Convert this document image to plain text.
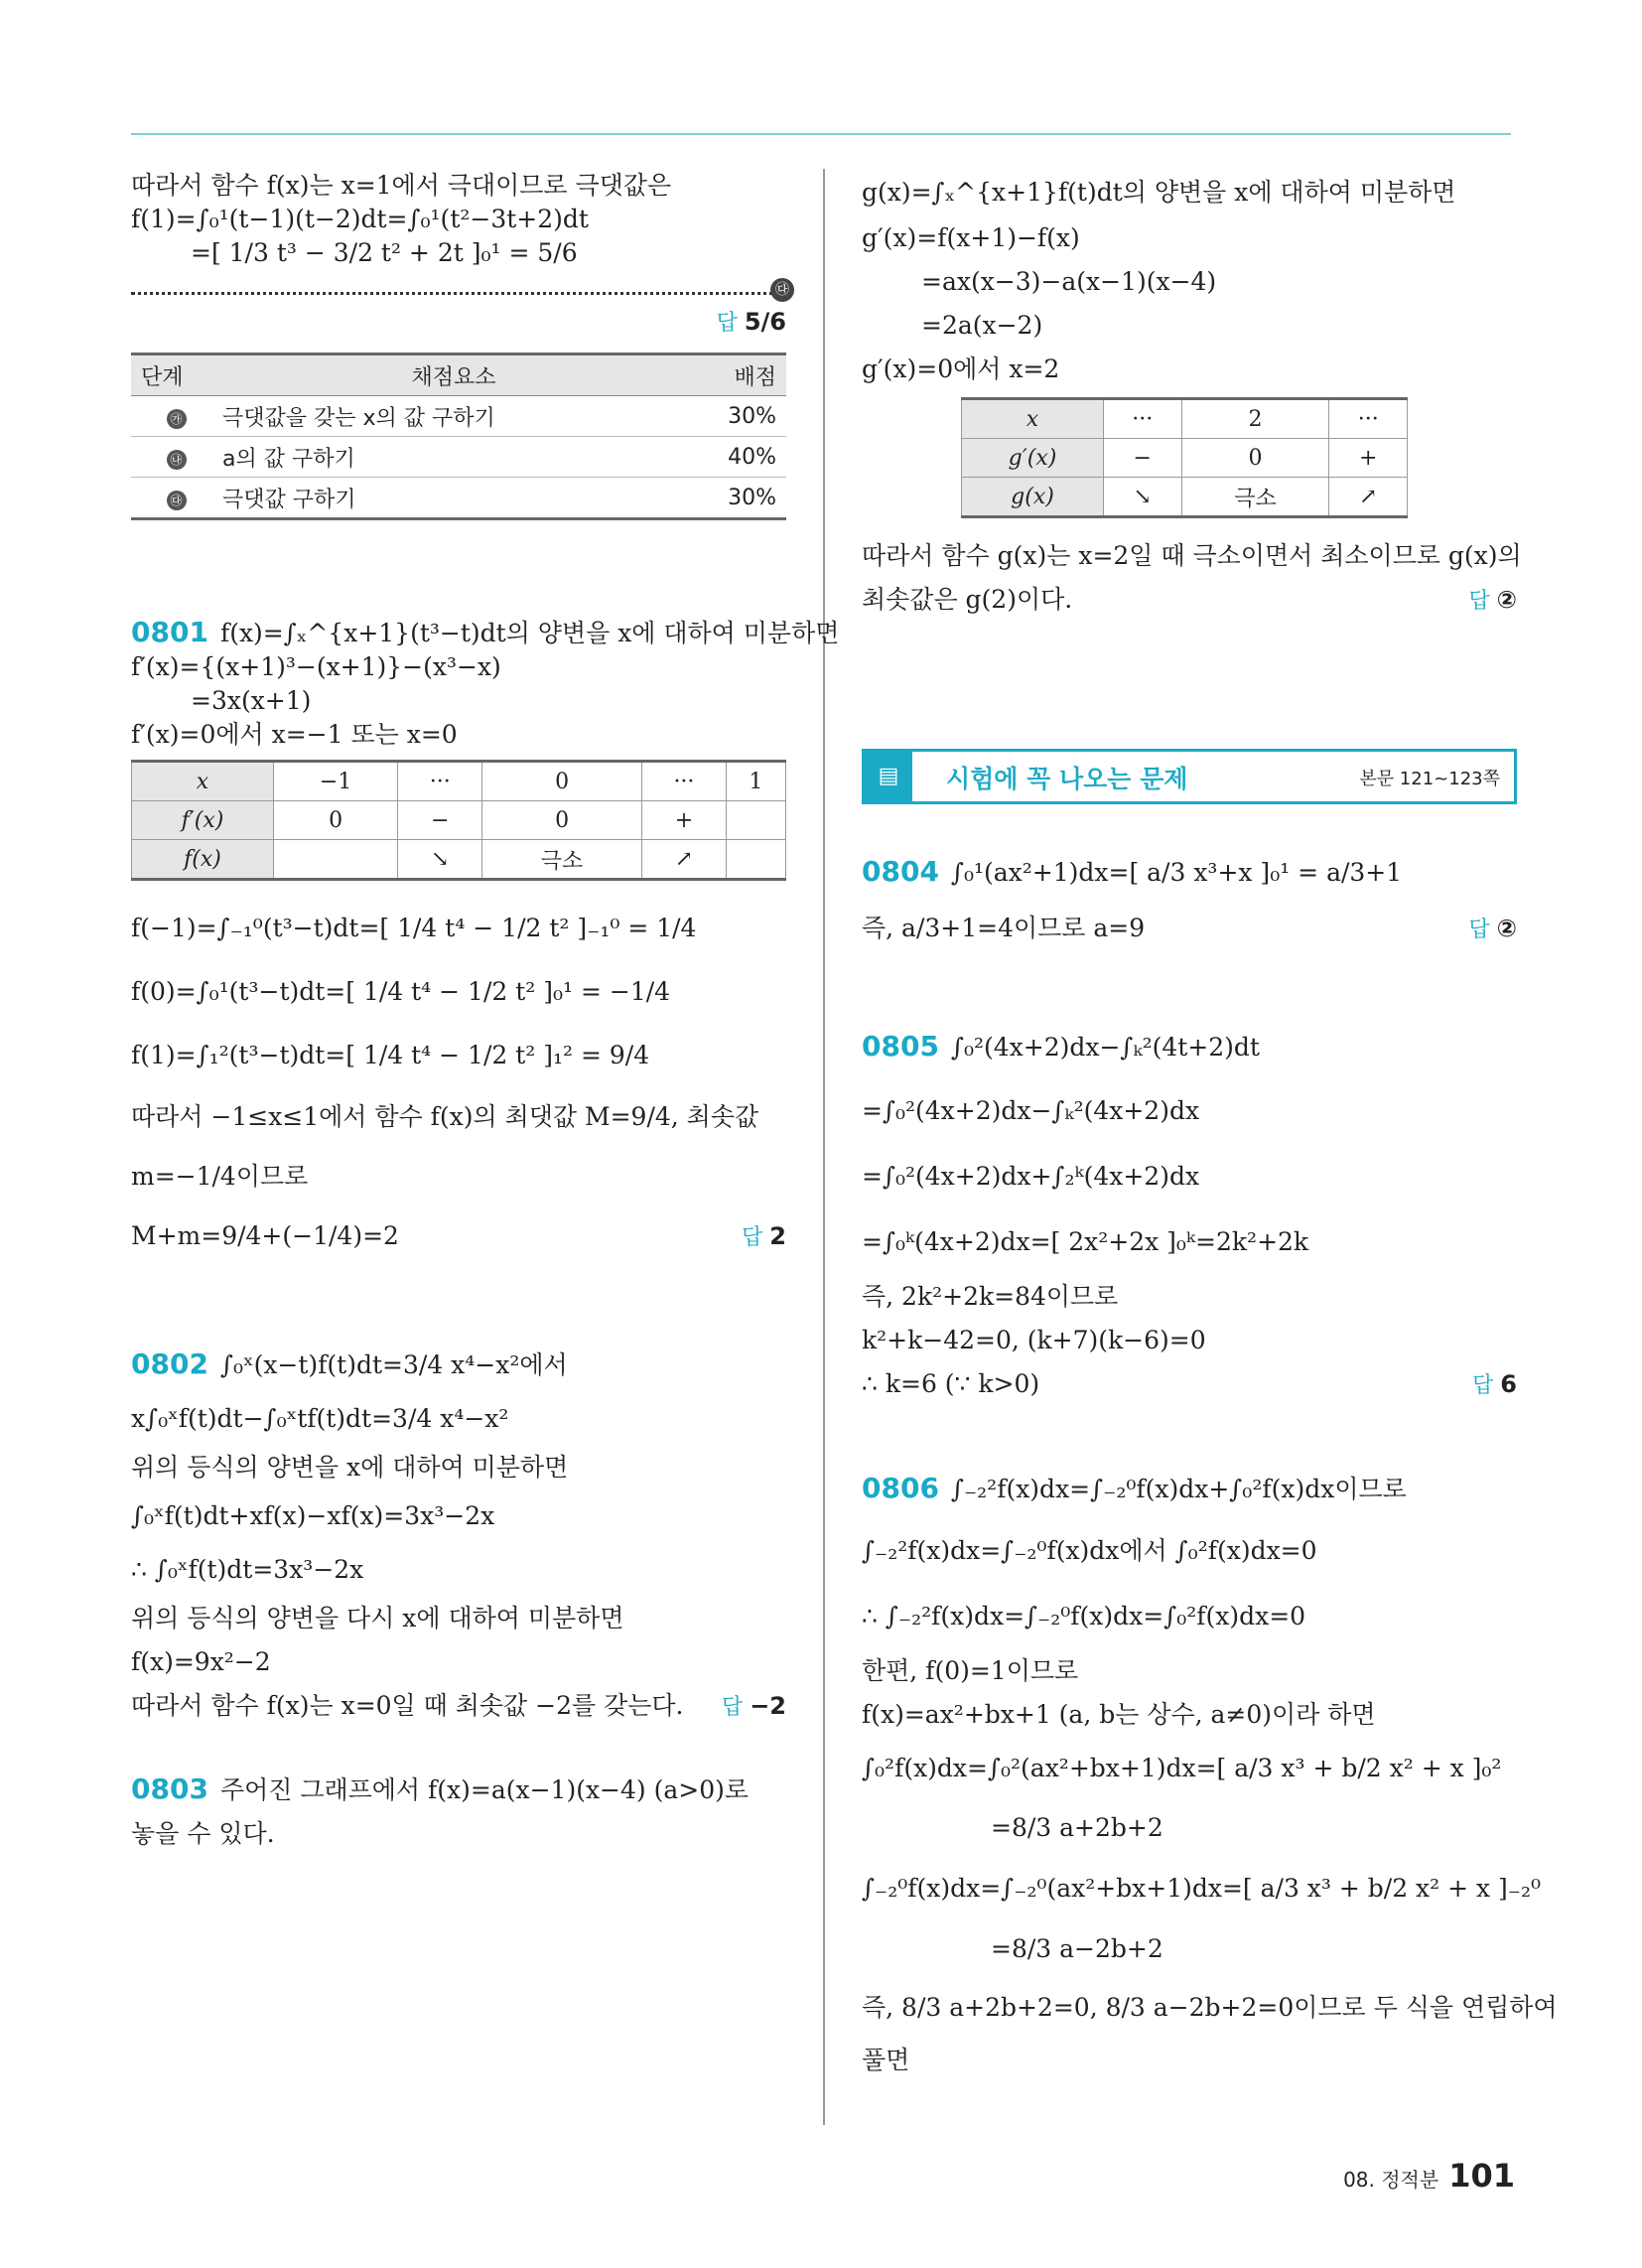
따라서 함수 f(x)는 x=1에서 극대이므로 극댓값은

f(1)=∫₀¹(t−1)(t−2)dt=∫₀¹(t²−3t+2)dt

=[ 1/3 t³ − 3/2 t² + 2t ]₀¹ = 5/6

㉰

답 5/6

단계	채점요소	배점
㉮	극댓값을 갖는 x의 값 구하기	30%
㉯	a의 값 구하기	40%
㉰	극댓값 구하기	30%

0801 f(x)=∫ₓ^{x+1}(t³−t)dt의 양변을 x에 대하여 미분하면

f′(x)={(x+1)³−(x+1)}−(x³−x)

=3x(x+1)

f′(x)=0에서 x=−1 또는 x=0

x	−1	···	0	···	1
f′(x)	0	−	0	+	
f(x)		↘	극소	↗	

f(−1)=∫₋₁⁰(t³−t)dt=[ 1/4 t⁴ − 1/2 t² ]₋₁⁰ = 1/4

f(0)=∫₀¹(t³−t)dt=[ 1/4 t⁴ − 1/2 t² ]₀¹ = −1/4

f(1)=∫₁²(t³−t)dt=[ 1/4 t⁴ − 1/2 t² ]₁² = 9/4

따라서 −1≤x≤1에서 함수 f(x)의 최댓값 M=9/4, 최솟값

m=−1/4이므로

M+m=9/4+(−1/4)=2	답 2

0802 ∫₀ˣ(x−t)f(t)dt=3/4 x⁴−x²에서

x∫₀ˣf(t)dt−∫₀ˣtf(t)dt=3/4 x⁴−x²

위의 등식의 양변을 x에 대하여 미분하면

∫₀ˣf(t)dt+xf(x)−xf(x)=3x³−2x

∴ ∫₀ˣf(t)dt=3x³−2x

위의 등식의 양변을 다시 x에 대하여 미분하면

f(x)=9x²−2

따라서 함수 f(x)는 x=0일 때 최솟값 −2를 갖는다. 답 −2

0803 주어진 그래프에서 f(x)=a(x−1)(x−4) (a>0)로

놓을 수 있다.

g(x)=∫ₓ^{x+1}f(t)dt의 양변을 x에 대하여 미분하면

g′(x)=f(x+1)−f(x)

=ax(x−3)−a(x−1)(x−4)

=2a(x−2)

g′(x)=0에서 x=2

x	···	2	···
g′(x)	−	0	+
g(x)	↘	극소	↗

따라서 함수 g(x)는 x=2일 때 극소이면서 최소이므로 g(x)의

최솟값은 g(2)이다.	답 ②

▤	시험에 꼭 나오는 문제	본문 121~123쪽

0804 ∫₀¹(ax²+1)dx=[ a/3 x³+x ]₀¹ = a/3+1

즉, a/3+1=4이므로 a=9	답 ②

0805 ∫₀²(4x+2)dx−∫ₖ²(4t+2)dt

=∫₀²(4x+2)dx−∫ₖ²(4x+2)dx

=∫₀²(4x+2)dx+∫₂ᵏ(4x+2)dx

=∫₀ᵏ(4x+2)dx=[ 2x²+2x ]₀ᵏ=2k²+2k

즉, 2k²+2k=84이므로

k²+k−42=0, (k+7)(k−6)=0

∴ k=6 (∵ k>0)	답 6

0806 ∫₋₂²f(x)dx=∫₋₂⁰f(x)dx+∫₀²f(x)dx이므로

∫₋₂²f(x)dx=∫₋₂⁰f(x)dx에서 ∫₀²f(x)dx=0

∴ ∫₋₂²f(x)dx=∫₋₂⁰f(x)dx=∫₀²f(x)dx=0

한편, f(0)=1이므로

f(x)=ax²+bx+1 (a, b는 상수, a≠0)이라 하면

∫₀²f(x)dx=∫₀²(ax²+bx+1)dx=[ a/3 x³ + b/2 x² + x ]₀²

=8/3 a+2b+2

∫₋₂⁰f(x)dx=∫₋₂⁰(ax²+bx+1)dx=[ a/3 x³ + b/2 x² + x ]₋₂⁰

=8/3 a−2b+2

즉, 8/3 a+2b+2=0, 8/3 a−2b+2=0이므로 두 식을 연립하여

풀면

08. 정적분 101
